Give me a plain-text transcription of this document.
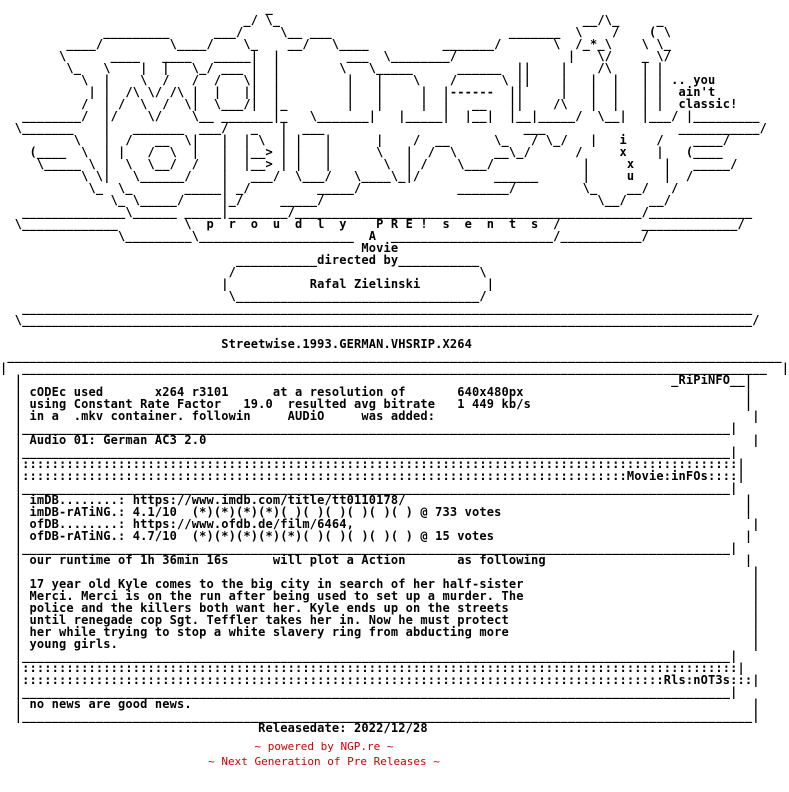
_
_/ \_                                         __/\_     _
_________      ___/     \__ ___                        _______  \    /    ( \
____/         \____/    \_    __/   \____          _______/       \  /_*_\    \ \_
\      ____   ____   _____|  |         ___  \________/               |   \/    _ \/
\_   \    |  |   \_/ ___ |  |        \   \_____      ______  ||    |    /\    | |
\  |    \  /   /  /   \|  |         |   |    \    /      \ ||    |   |  |   | | .. you
| |  /\ \/ /\ |  |   ||  |         |   |     |  |------  ||     |   |  |   | |  ain't
/  | /  \  /  \|  \___/|  |_        |   |     |  |   __   ||    /\   |  |   | |  classic!
________/  |/    \/    \__ _______|_   \_______|   |_____|  |__|  |__|_____/  \__|  |___/ |_________
\_______    |   _______  ___/   _   |  ___                           ___                  ___________/
\   |  /   __  \|   |  | \  | |   |      |    /  __      \_   / \_/   |   i    /    ____/
(____  \  | |   /  \  |   |  |__> | |   |      \   |  /  \     __\_/      /     x    |   (____
\_____ \ |  \  \__/  /   |  |__> | |   |       \  | /    \___/            |     x    |   _____/
\ \|   \______/    |   ___/  \___/   \____\_|/          ______      |     u    |  /
\_  \_       _____| _/         _____/             _______/         \_    __/   /
\_ \_____/     |_/     _____/                                     \__/   __/
______________\______ _____|________/_______________________________________________/______________
\_____________         \  p  r  o  u  d  l  y    P R E !  s  e  n  t  s  /           _____________/
\_________\_____________________  A  ______________________/___________/
Movie
___________directed by___________
/                                 \
|           Rafal Zielinski         |
\_________________________________/
___________________________________________________________________________________________________
\___________________________________________________________________________________________________/

Streetwise.1993.GERMAN.VHSRIP.X264
_________________________________________________________________________________________________________
|  _____________________________________________________________________________________________________  |
|                                                                                        _RiPiNFO__|
| cODEc used       x264 r3101      at a resolution of       640x480px                              |
| using Constant Rate Factor   19.0  resulted avg bitrate   1 449 kb/s                             |
| in a  .mkv container. followin     AUDiO     was added:                                           |
|________________________________________________________________________________________________|
| Audio 01: German AC3 2.0                                                                          |
|________________________________________________________________________________________________|
|:::::::::::::::::::::::::::::::::::::::::::::::::::::::::::::::::::::::::::::::::::::::::::::::::|
|::::::::::::::::::::::::::::::::::::::::::::::::::::::::::::::::::::::::::::::::::Movie:inFOs::::|
|________________________________________________________________________________________________|
| imDB........: https://www.imdb.com/title/tt0110178/                                              |
| imDB-rATiNG.: 4.1/10  (*)(*)(*)(*)( )( )( )( )( )( ) @ 733 votes                                 |
| ofDB........: https://www.ofdb.de/film/6464,                                                      |
| ofDB-rATiNG.: 4.7/10  (*)(*)(*)(*)(*)( )( )( )( )( ) @ 15 votes                                  |
|________________________________________________________________________________________________|
| our runtime of 1h 36min 16s      will plot a Action       as following                           |
|                                                                                                   |
| 17 year old Kyle comes to the big city in search of her half-sister                               |
| Merci. Merci is on the run after being used to set up a murder. The                               |
| police and the killers both want her. Kyle ends up on the streets                                 |
| until renegade cop Sgt. Teffler takes her in. Now he must protect                                 |
| her while trying to stop a white slavery ring from abducting more                                 |
| young girls.                                                                                      |
|________________________________________________________________________________________________|
|:::::::::::::::::::::::::::::::::::::::::::::::::::::::::::::::::::::::::::::::::::::::::::::::::|
|:::::::::::::::::::::::::::::::::::::::::::::::::::::::::::::::::::::::::::::::::::::::Rls:nOT3s:::|
|________________________________________________________________________________________________|
| no news are good news.                                                                            |
|___________________________________________________________________________________________________|
Releasedate: 2022/12/28
~ powered by NGP.re ~
~ Next Generation of Pre Releases ~
